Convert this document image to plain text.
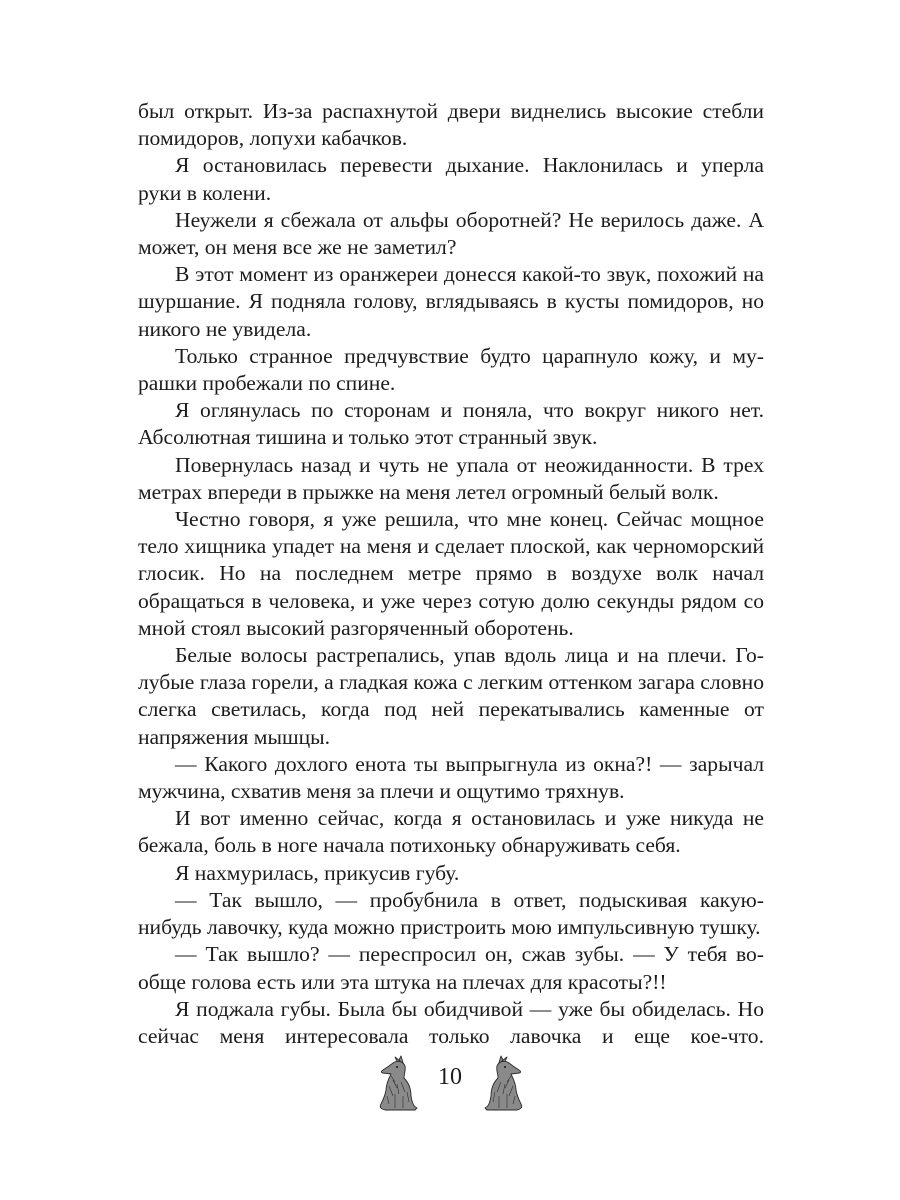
был открыт. Из-за распахнутой двери виднелись высокие стебли помидоров, лопухи кабачков.

Я остановилась перевести дыхание. Наклонилась и уперла руки в колени.

Неужели я сбежала от альфы оборотней? Не верилось даже. А может, он меня все же не заметил?

В этот момент из оранжереи донесся какой-то звук, похожий на шуршание. Я подняла голову, вглядываясь в кусты помидоров, но никого не увидела.

Только странное предчувствие будто царапнуло кожу, и мурашки пробежали по спине.

Я оглянулась по сторонам и поняла, что вокруг никого нет. Абсолютная тишина и только этот странный звук.

Повернулась назад и чуть не упала от неожиданности. В трех метрах впереди в прыжке на меня летел огромный белый волк.

Честно говоря, я уже решила, что мне конец. Сейчас мощное тело хищника упадет на меня и сделает плоской, как черноморский глосик. Но на последнем метре прямо в воздухе волк начал обращаться в человека, и уже через сотую долю секунды рядом со мной стоял высокий разгоряченный оборотень.

Белые волосы растрепались, упав вдоль лица и на плечи. Голубые глаза горели, а гладкая кожа с легким оттенком загара словно слегка светилась, когда под ней перекатывались каменные от напряжения мышцы.

— Какого дохлого енота ты выпрыгнула из окна?! — зарычал мужчина, схватив меня за плечи и ощутимо тряхнув.

И вот именно сейчас, когда я остановилась и уже никуда не бежала, боль в ноге начала потихоньку обнаруживать себя.

Я нахмурилась, прикусив губу.

— Так вышло, — пробубнила в ответ, подыскивая какую-нибудь лавочку, куда можно пристроить мою импульсивную тушку.

— Так вышло? — переспросил он, сжав зубы. — У тебя вообще голова есть или эта штука на плечах для красоты?!!

Я поджала губы. Была бы обидчивой — уже бы обиделась. Но сейчас меня интересовала только лавочка и еще кое-что.

10
